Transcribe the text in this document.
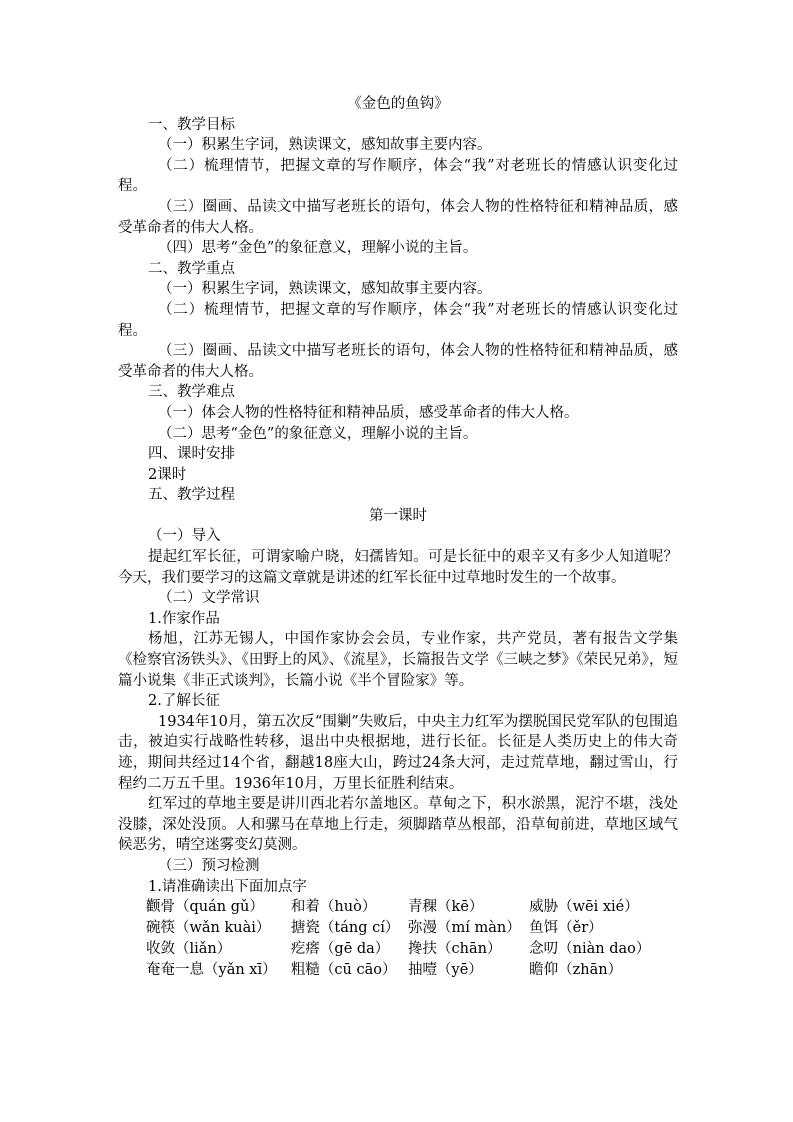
《金色的鱼钩》

一、教学目标

（一）积累生字词，熟读课文，感知故事主要内容。

（二）梳理情节，把握文章的写作顺序，体会“我”对老班长的情感认识变化过程。

（三）圈画、品读文中描写老班长的语句，体会人物的性格特征和精神品质，感受革命者的伟大人格。

（四）思考“金色”的象征意义，理解小说的主旨。

二、教学重点

（一）积累生字词，熟读课文，感知故事主要内容。

（二）梳理情节，把握文章的写作顺序，体会“我”对老班长的情感认识变化过程。

（三）圈画、品读文中描写老班长的语句，体会人物的性格特征和精神品质，感受革命者的伟大人格。

三、教学难点

（一）体会人物的性格特征和精神品质，感受革命者的伟大人格。

（二）思考“金色”的象征意义，理解小说的主旨。

四、课时安排

2课时

五、教学过程

第一课时

（一）导入

提起红军长征，可谓家喻户晓，妇孺皆知。可是长征中的艰辛又有多少人知道呢？今天，我们要学习的这篇文章就是讲述的红军长征中过草地时发生的一个故事。

（二）文学常识

1.作家作品

杨旭，江苏无锡人，中国作家协会会员，专业作家，共产党员，著有报告文学集《检察官汤铁头》、《田野上的风》、《流星》，长篇报告文学《三峡之梦》《荣民兄弟》，短篇小说集《非正式谈判》，长篇小说《半个冒险家》等。

2.了解长征

1934年10月，第五次反“围剿”失败后，中央主力红军为摆脱国民党军队的包围追击，被迫实行战略性转移，退出中央根据地，进行长征。长征是人类历史上的伟大奇迹，期间共经过14个省，翻越18座大山，跨过24条大河，走过荒草地，翻过雪山，行程约二万五千里。1936年10月，万里长征胜利结束。

红军过的草地主要是讲川西北若尔盖地区。草甸之下，积水淤黑，泥泞不堪，浅处没膝，深处没顶。人和骡马在草地上行走，须脚踏草丛根部，沿草甸前进，草地区域气候恶劣，晴空迷雾变幻莫测。

（三）预习检测

1.请准确读出下面加点字

颧骨（quán gǔ）	和着（huò）	青稞（kē）	威胁（wēi xié）
碗筷（wǎn kuài）	搪瓷（táng cí） 弥漫（mí màn） 鱼饵（ěr）
收敛（liǎn）	疙瘩（gē da）	搀扶（chān）	念叨（niàn dao）
奄奄一息（yǎn xī） 粗糙（cū cāo） 抽噎（yē）	瞻仰（zhān）
